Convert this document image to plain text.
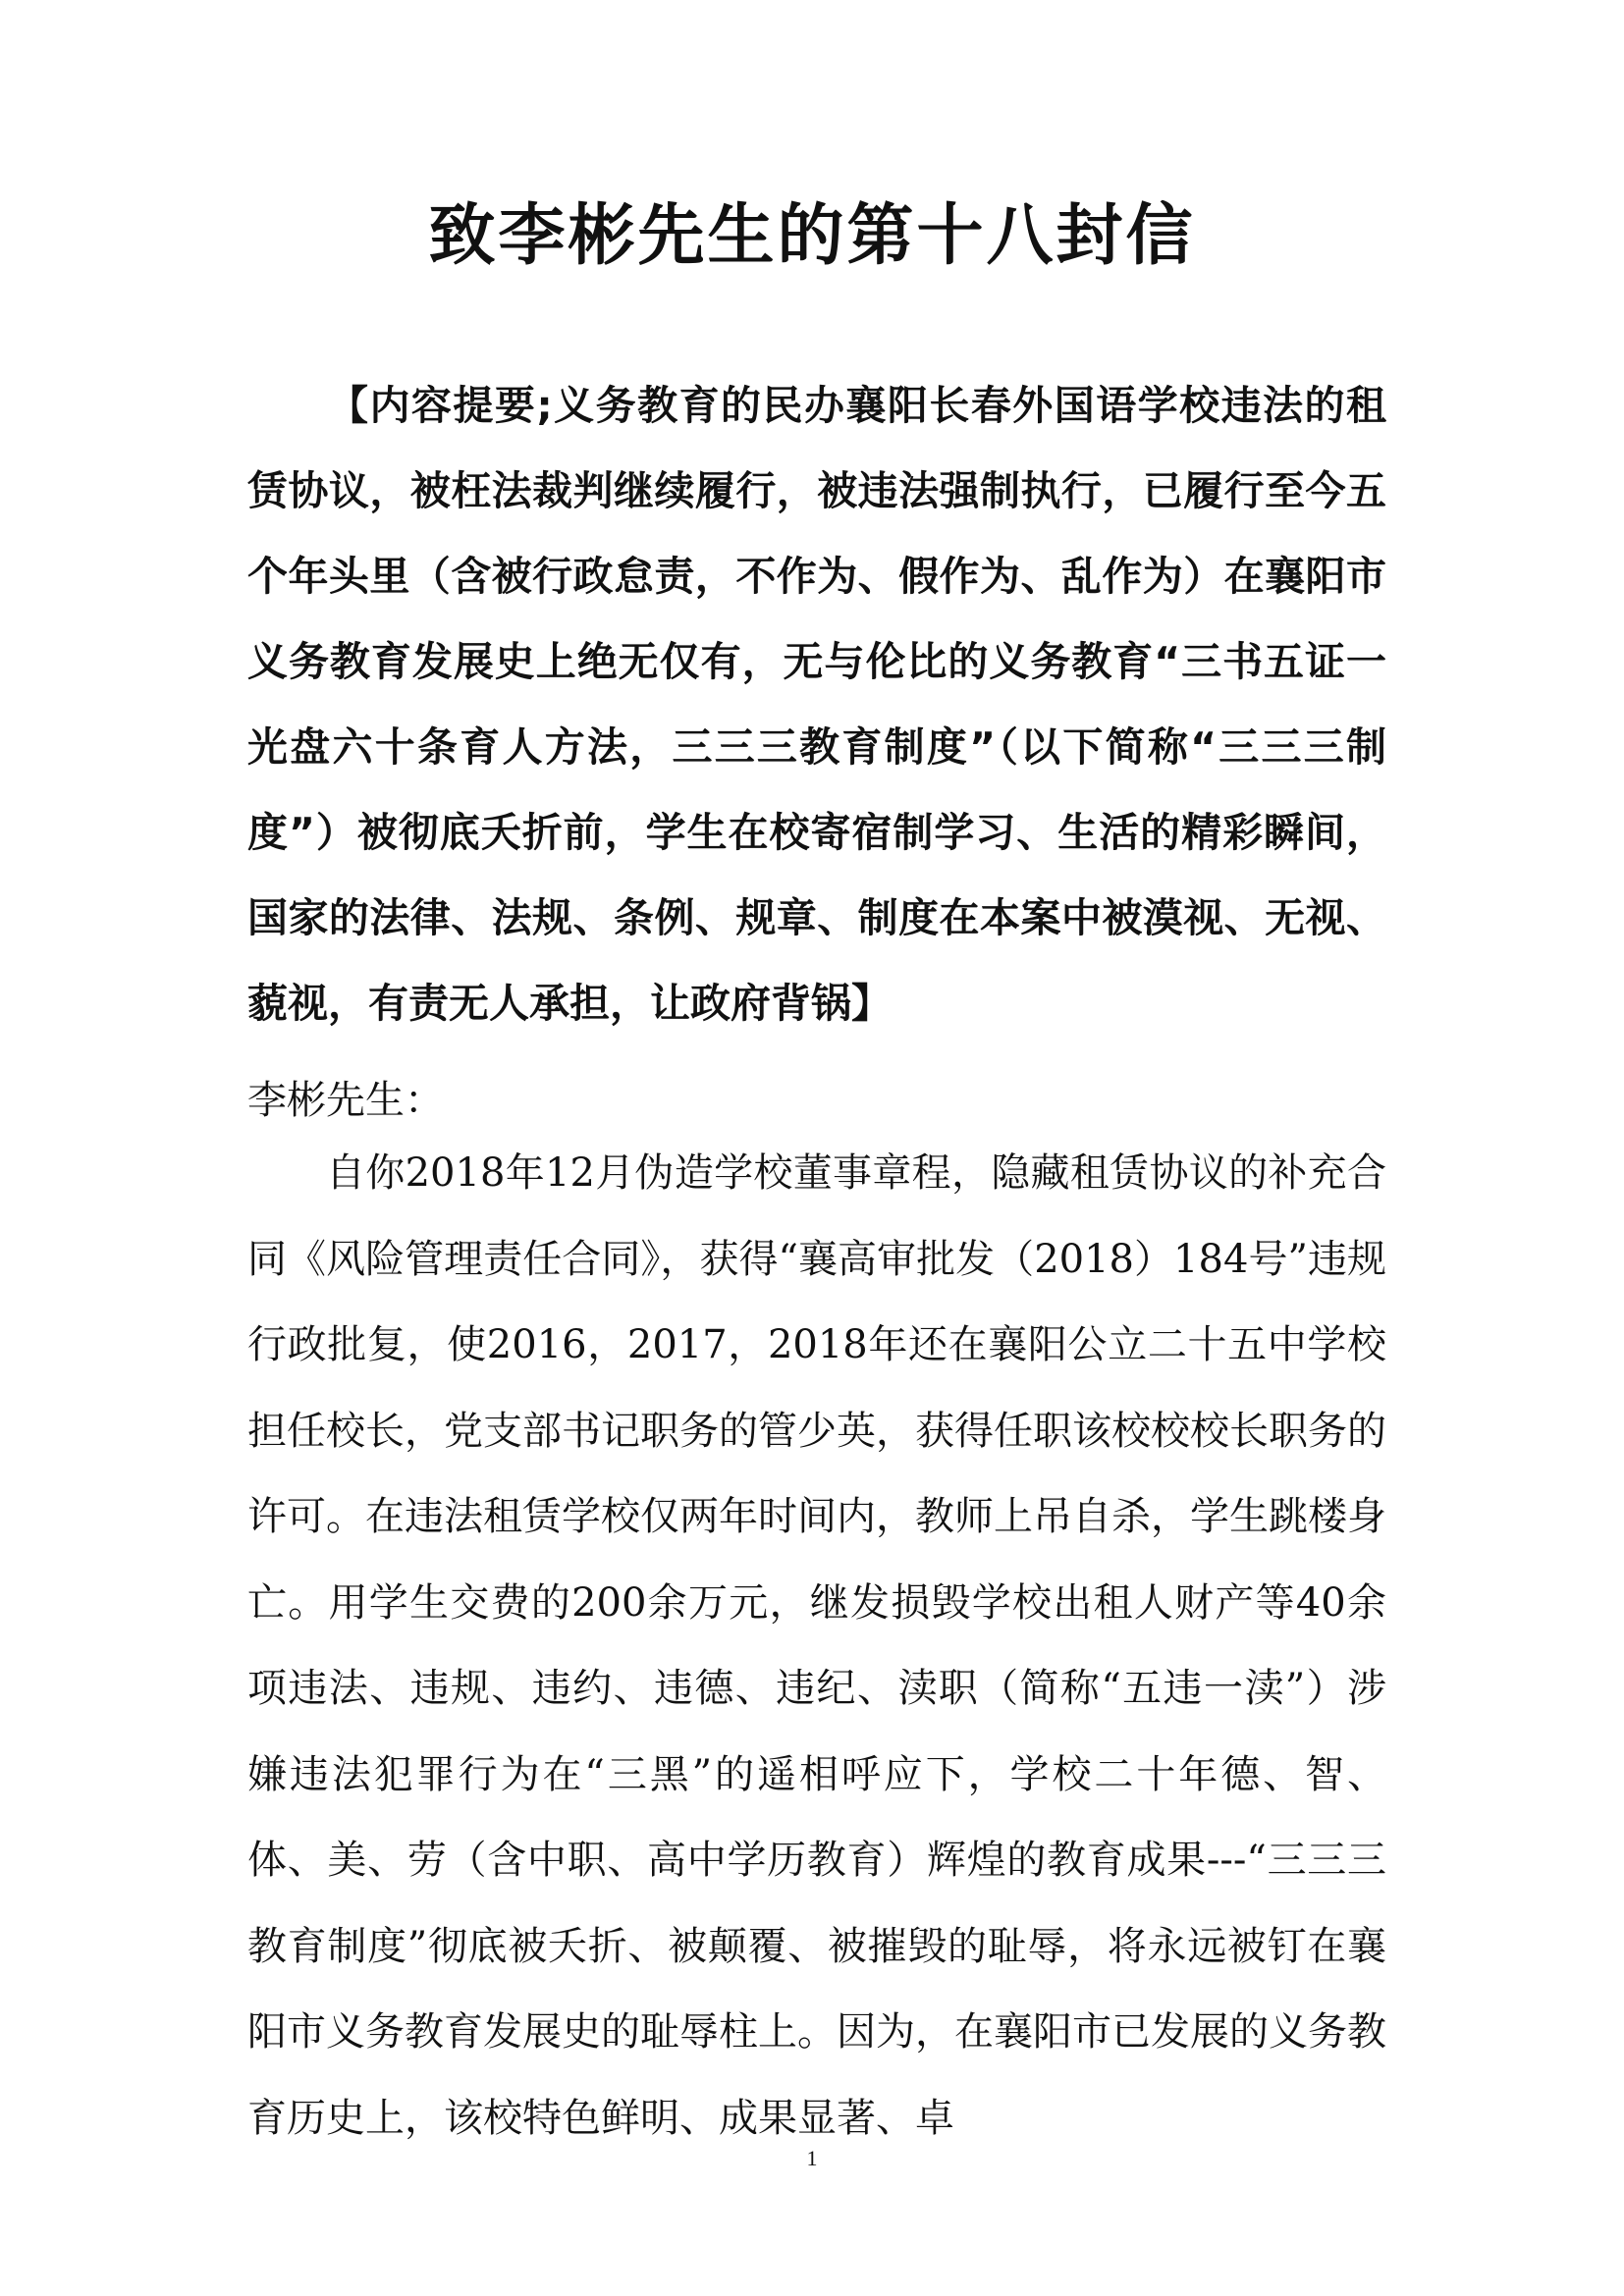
致李彬先生的第十八封信

【内容提要;义务教育的民办襄阳长春外国语学校违法的租赁协议，被枉法裁判继续履行，被违法强制执行，已履行至今五个年头里（含被行政怠责，不作为、假作为、乱作为）在襄阳市义务教育发展史上绝无仅有，无与伦比的义务教育“三书五证一光盘六十条育人方法，三三三教育制度”（以下简称“三三三制度”）被彻底夭折前，学生在校寄宿制学习、生活的精彩瞬间，国家的法律、法规、条例、规章、制度在本案中被漠视、无视、藐视，有责无人承担，让政府背锅】

李彬先生：

自你2018年12月伪造学校董事章程，隐藏租赁协议的补充合同《风险管理责任合同》，获得“襄高审批发（2018）184号”违规行政批复，使2016，2017，2018年还在襄阳公立二十五中学校担任校长，党支部书记职务的管少英，获得任职该校校校长职务的许可。在违法租赁学校仅两年时间内，教师上吊自杀，学生跳楼身亡。用学生交费的200余万元，继发损毁学校出租人财产等40余项违法、违规、违约、违德、违纪、渎职（简称“五违一渎”）涉嫌违法犯罪行为在“三黑”的遥相呼应下，学校二十年德、智、体、美、劳（含中职、高中学历教育）辉煌的教育成果---“三三三教育制度”彻底被夭折、被颠覆、被摧毁的耻辱，将永远被钉在襄阳市义务教育发展史的耻辱柱上。因为，在襄阳市已发展的义务教育历史上，该校特色鲜明、成果显著、卓

1
